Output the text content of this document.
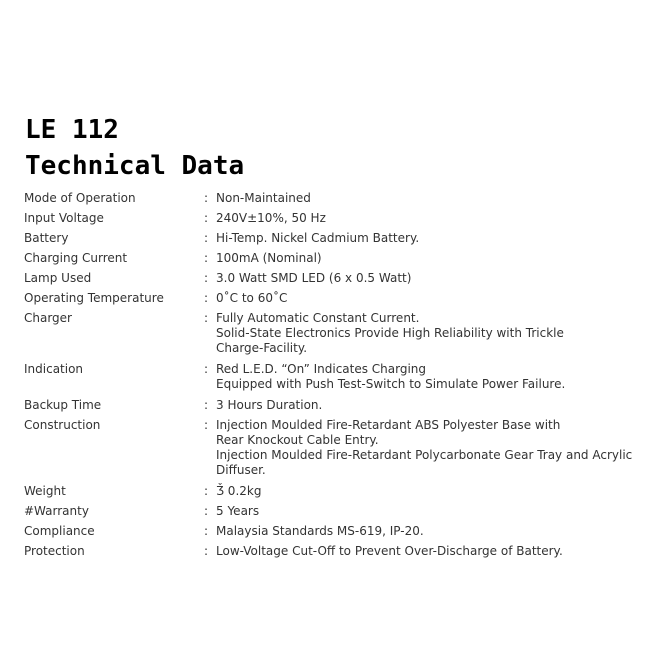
LE 112
Technical Data
Mode of Operation	: Non-Maintained
Input Voltage	: 240V±10%, 50 Hz
Battery	: Hi-Temp. Nickel Cadmium Battery.
Charging Current	: 100mA (Nominal)
Lamp Used	: 3.0 Watt SMD LED (6 x 0.5 Watt)
Operating Temperature	: 0˚C to 60˚C
Charger	: Fully Automatic Constant Current.
Solid-State Electronics Provide High Reliability with Trickle
Charge-Facility.
Indication	: Red L.E.D. “On” Indicates Charging
Equipped with Push Test-Switch to Simulate Power Failure.
Backup Time	: 3 Hours Duration.
Construction	: Injection Moulded Fire-Retardant ABS Polyester Base with
Rear Knockout Cable Entry.
Injection Moulded Fire-Retardant Polycarbonate Gear Tray and Acrylic
Diffuser.
Weight	: Ǯ 0.2kg
#Warranty	: 5 Years
Compliance	: Malaysia Standards MS-619, IP-20.
Protection	: Low-Voltage Cut-Off to Prevent Over-Discharge of Battery.
